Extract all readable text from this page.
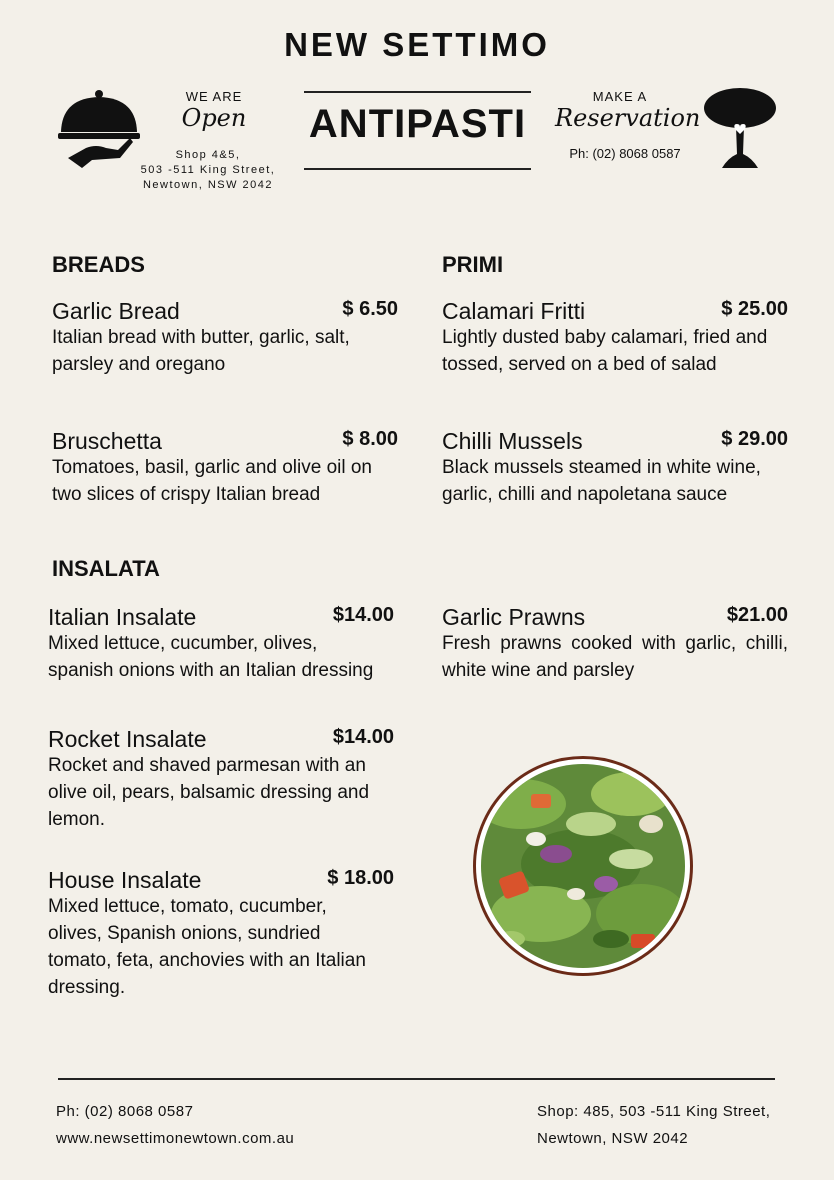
NEW SETTIMO
WE ARE
Open
Shop 4&5,
503 -511 King Street,
Newtown, NSW 2042
ANTIPASTI
MAKE A
Reservation
Ph: (02) 8068 0587
BREADS
Garlic Bread	$ 6.50
Italian bread with butter, garlic, salt, parsley and oregano
Bruschetta	$ 8.00
Tomatoes, basil, garlic and olive oil on two slices of crispy Italian bread
PRIMI
Calamari Fritti	$ 25.00
Lightly dusted baby calamari, fried and tossed, served on a bed of salad
Chilli Mussels	$ 29.00
Black mussels steamed in white wine, garlic, chilli and napoletana sauce
INSALATA
Italian Insalate	$14.00
Mixed lettuce, cucumber, olives, spanish onions with an Italian dressing
Garlic Prawns	$21.00
Fresh prawns cooked with garlic, chilli, white wine and parsley
Rocket Insalate	$14.00
Rocket and shaved parmesan with an olive oil, pears, balsamic dressing and lemon.
House Insalate	$ 18.00
Mixed lettuce, tomato, cucumber, olives, Spanish onions, sundried tomato, feta, anchovies with an Italian dressing.
Ph: (02) 8068 0587
www.newsettimonewtown.com.au
Shop: 485, 503 -511 King Street,
Newtown, NSW 2042
